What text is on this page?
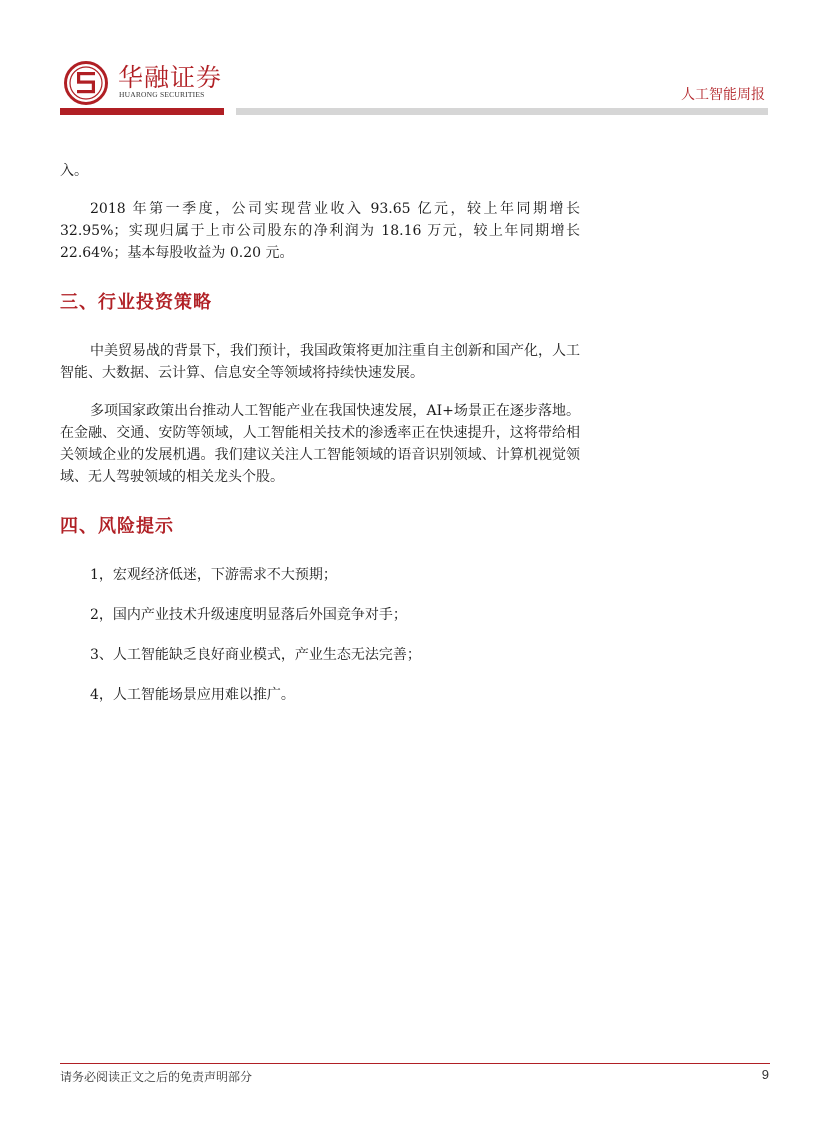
华融证券
HUARONG SECURITIES	人工智能周报

入。

2018 年第一季度，公司实现营业收入 93.65 亿元，较上年同期增长 32.95%；实现归属于上市公司股东的净利润为 18.16 万元，较上年同期增长 22.64%；基本每股收益为 0.20 元。

三、行业投资策略

中美贸易战的背景下，我们预计，我国政策将更加注重自主创新和国产化，人工智能、大数据、云计算、信息安全等领域将持续快速发展。

多项国家政策出台推动人工智能产业在我国快速发展，AI+场景正在逐步落地。在金融、交通、安防等领域，人工智能相关技术的渗透率正在快速提升，这将带给相关领域企业的发展机遇。我们建议关注人工智能领域的语音识别领域、计算机视觉领域、无人驾驶领域的相关龙头个股。

四、风险提示
1，宏观经济低迷，下游需求不大预期；
2，国内产业技术升级速度明显落后外国竞争对手；
3、人工智能缺乏良好商业模式，产业生态无法完善；
4，人工智能场景应用难以推广。
请务必阅读正文之后的免责声明部分	9
